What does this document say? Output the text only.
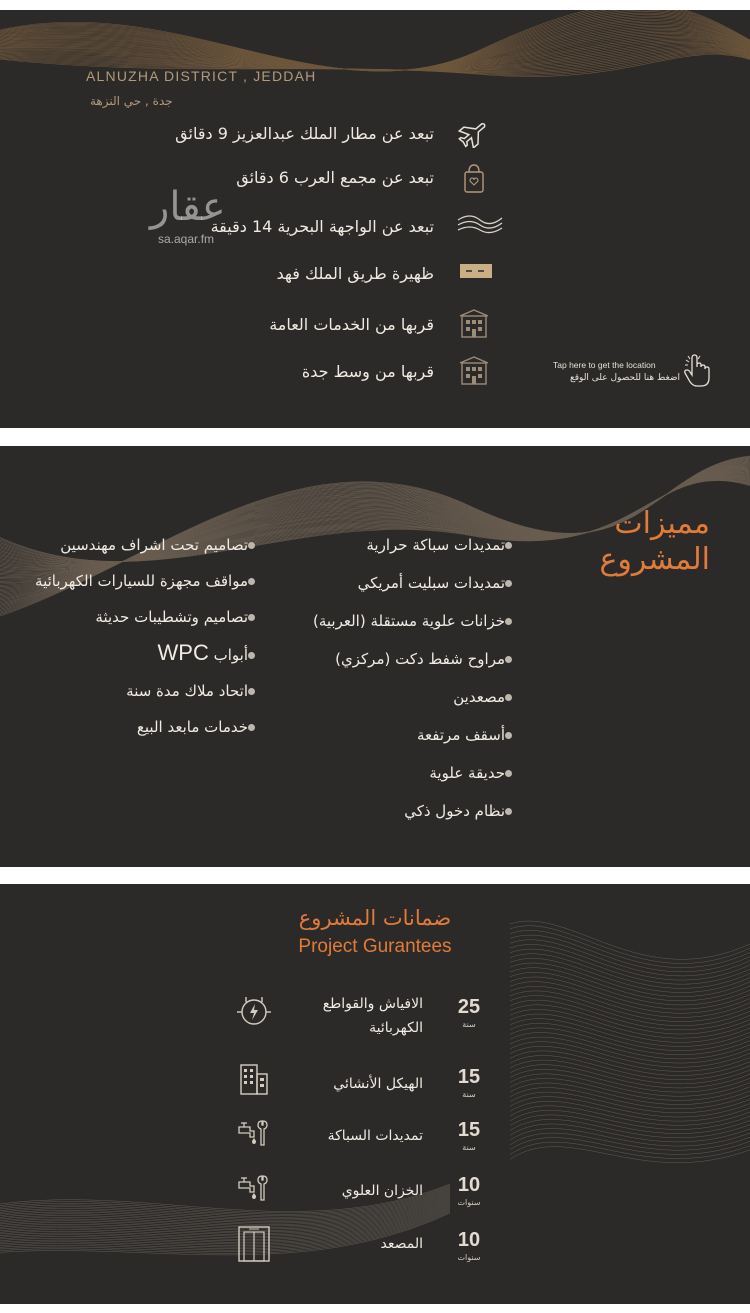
ALNUZHA DISTRICT , JEDDAH
جدة , حي النزهة
تبعد عن مطار الملك عبدالعزيز 9 دقائق
تبعد عن مجمع العرب 6 دقائق
تبعد عن الواجهة البحرية 14 دقيقة
ظهيرة طريق الملك فهد
قربها من الخدمات العامة
قربها من وسط جدة
عقار
sa.aqar.fm
Tap here to get the location
اضغط هنا للحصول على الوقع
مميزات
المشروع
تمديدات سباكة حرارية
تمديدات سبليت أمريكي
خزانات علوية مستقلة (العربية)
مراوح شفط دكت (مركزي)
مصعدين
أسقف مرتفعة
حديقة علوية
نظام دخول ذكي
تصاميم تحت اشراف مهندسين
مواقف مجهزة للسيارات الكهربائية
تصاميم وتشطيبات حديثة
أبواب WPC
اتحاد ملاك مدة سنة
خدمات مابعد البيع
ضمانات المشروع
Project Gurantees
25
سنة
الافياش والقواطع
الكهربائية
15
سنة
الهيكل الأنشائي
15
سنة
تمديدات السباكة
10
سنوات
الخزان العلوي
10
سنوات
المصعد
